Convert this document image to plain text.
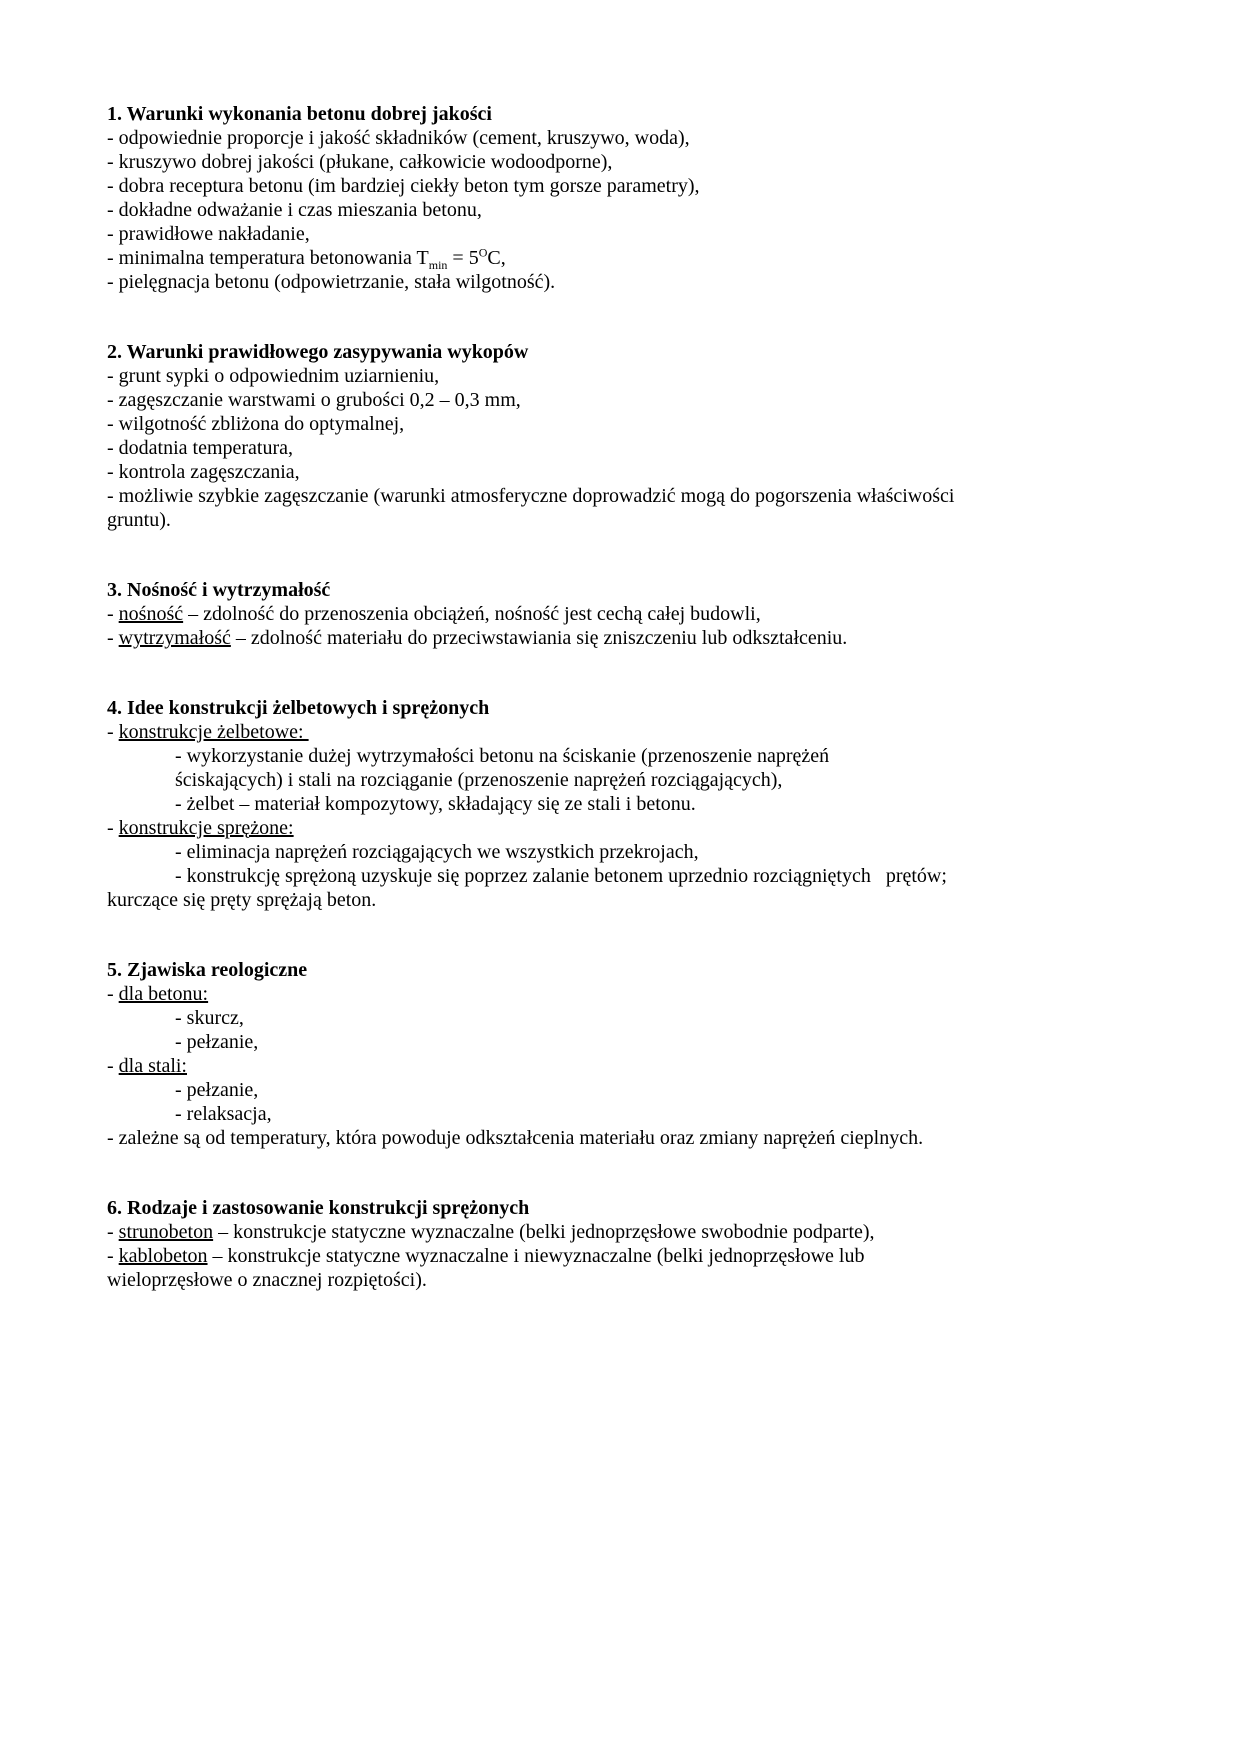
1. Warunki wykonania betonu dobrej jakości
- odpowiednie proporcje i jakość składników (cement, kruszywo, woda),
- kruszywo dobrej jakości (płukane, całkowicie wodoodporne),
- dobra receptura betonu (im bardziej ciekły beton tym gorsze parametry),
- dokładne odważanie i czas mieszania betonu,
- prawidłowe nakładanie,
- minimalna temperatura betonowania $T_{min} = 5^OC$,
- pielęgnacja betonu (odpowietrzanie, stała wilgotność).
2. Warunki prawidłowego zasypywania wykopów
- grunt sypki o odpowiednim uziarnieniu,
- zagęszczanie warstwami o grubości 0,2 – 0,3 mm,
- wilgotność zbliżona do optymalnej,
- dodatnia temperatura,
- kontrola zagęszczania,
- możliwie szybkie zagęszczanie (warunki atmosferyczne doprowadzić mogą do pogorszenia właściwości
gruntu).
3. Nośność i wytrzymałość
- nośność – zdolność do przenoszenia obciążeń, nośność jest cechą całej budowli,
- wytrzymałość – zdolność materiału do przeciwstawiania się zniszczeniu lub odkształceniu.
4. Idee konstrukcji żelbetowych i sprężonych
- konstrukcje żelbetowe:
- wykorzystanie dużej wytrzymałości betonu na ściskanie (przenoszenie naprężeń
ściskających) i stali na rozciąganie (przenoszenie naprężeń rozciągających),
- żelbet – materiał kompozytowy, składający się ze stali i betonu.
- konstrukcje sprężone:
- eliminacja naprężeń rozciągających we wszystkich przekrojach,
- konstrukcję sprężoną uzyskuje się poprzez zalanie betonem uprzednio rozciągniętych   prętów;
kurczące się pręty sprężają beton.
5. Zjawiska reologiczne
- dla betonu:
- skurcz,
- pełzanie,
- dla stali:
- pełzanie,
- relaksacja,
- zależne są od temperatury, która powoduje odkształcenia materiału oraz zmiany naprężeń cieplnych.
6. Rodzaje i zastosowanie konstrukcji sprężonych
- strunobeton – konstrukcje statyczne wyznaczalne (belki jednoprzęsłowe swobodnie podparte),
- kablobeton – konstrukcje statyczne wyznaczalne i niewyznaczalne (belki jednoprzęsłowe lub
wieloprzęsłowe o znacznej rozpiętości).
